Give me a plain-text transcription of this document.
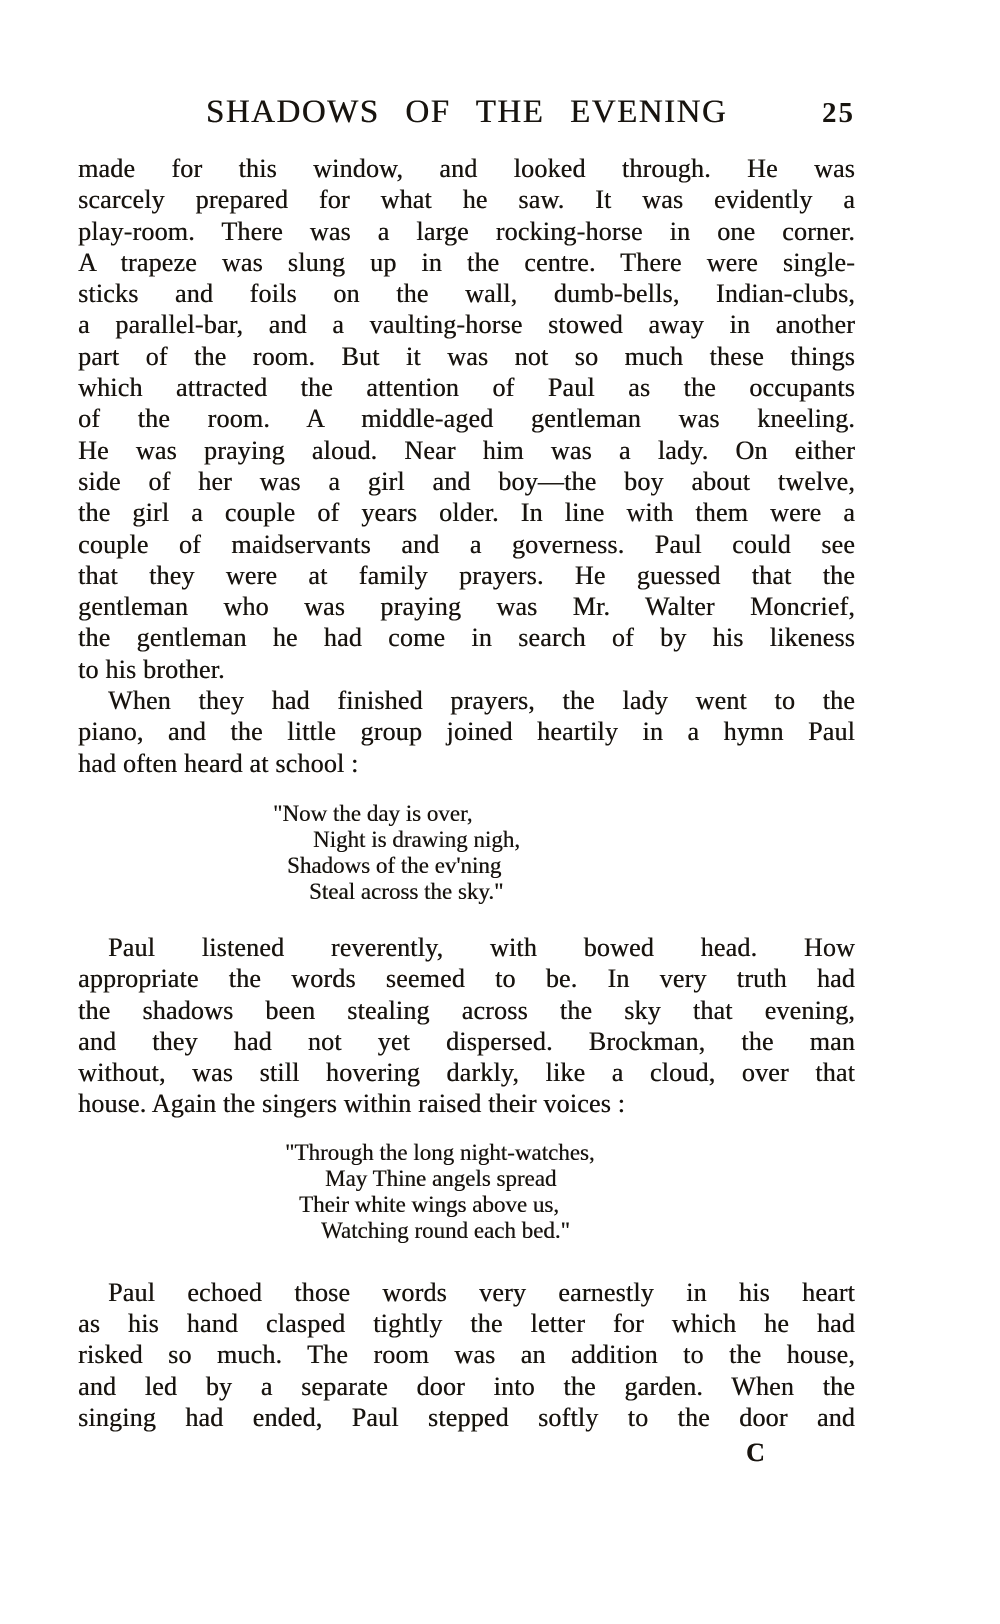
SHADOWS OF THE EVENING	25
made for this window, and looked through. He was
scarcely prepared for what he saw. It was evidently a
play-room. There was a large rocking-horse in one corner.
A trapeze was slung up in the centre. There were single-
sticks and foils on the wall, dumb-bells, Indian-clubs,
a parallel-bar, and a vaulting-horse stowed away in another
part of the room. But it was not so much these things
which attracted the attention of Paul as the occupants
of the room. A middle-aged gentleman was kneeling.
He was praying aloud. Near him was a lady. On either
side of her was a girl and boy—the boy about twelve,
the girl a couple of years older. In line with them were a
couple of maidservants and a governess. Paul could see
that they were at family prayers. He guessed that the
gentleman who was praying was Mr. Walter Moncrief,
the gentleman he had come in search of by his likeness
to his brother.
When they had finished prayers, the lady went to the
piano, and the little group joined heartily in a hymn Paul
had often heard at school :
"Now the day is over,
Night is drawing nigh,
Shadows of the ev'ning
Steal across the sky."
Paul listened reverently, with bowed head. How
appropriate the words seemed to be. In very truth had
the shadows been stealing across the sky that evening,
and they had not yet dispersed. Brockman, the man
without, was still hovering darkly, like a cloud, over that
house. Again the singers within raised their voices :
"Through the long night-watches,
May Thine angels spread
Their white wings above us,
Watching round each bed."
Paul echoed those words very earnestly in his heart
as his hand clasped tightly the letter for which he had
risked so much. The room was an addition to the house,
and led by a separate door into the garden. When the
singing had ended, Paul stepped softly to the door and
C
